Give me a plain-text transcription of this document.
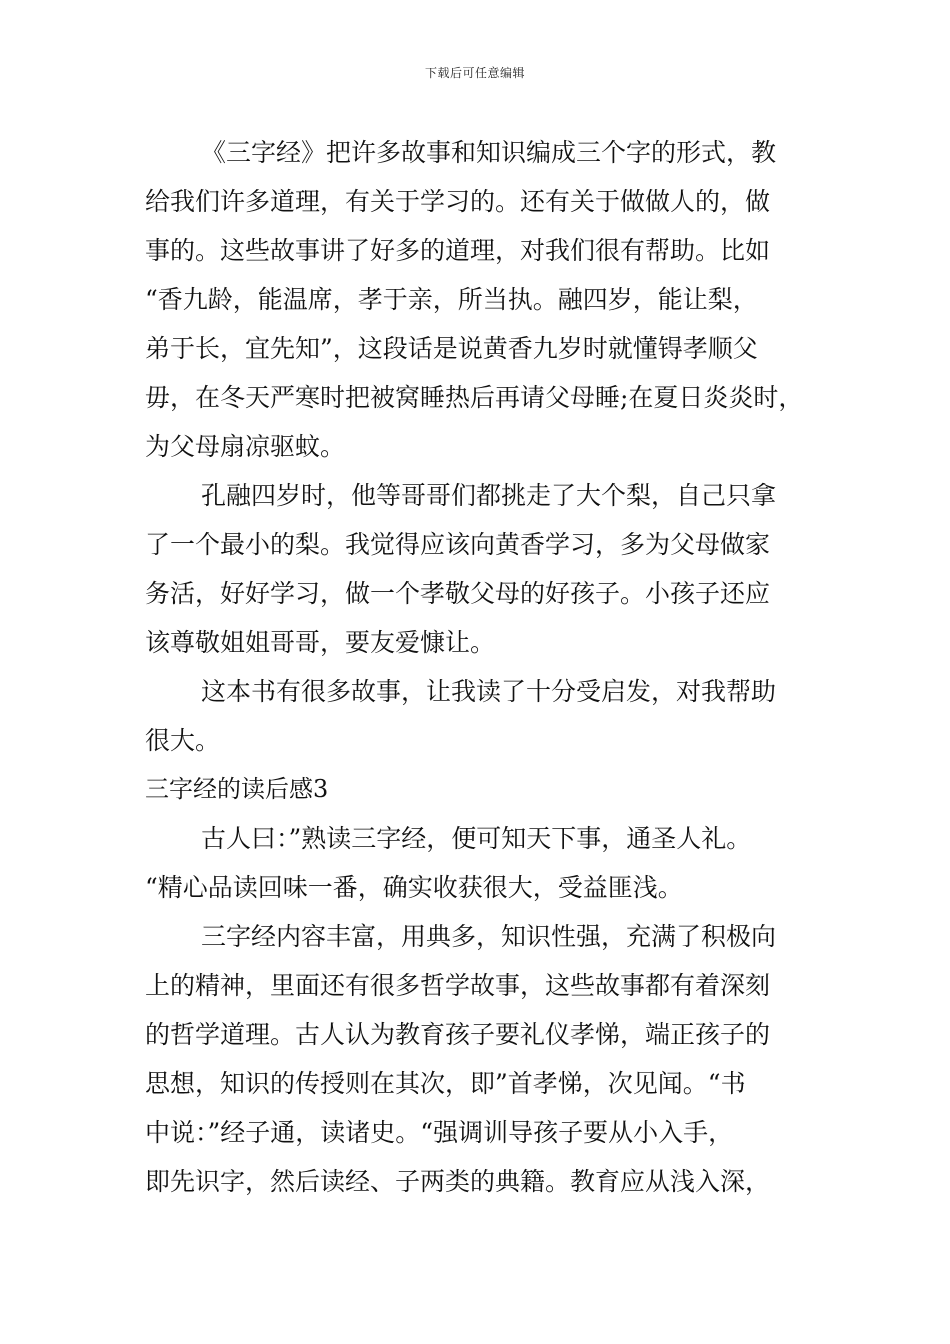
下载后可任意编辑
《三字经》把许多故事和知识编成三个字的形式，教
给我们许多道理，有关于学习的。还有关于做做人的，做
事的。这些故事讲了好多的道理，对我们很有帮助。比如
“香九龄，能温席，孝于亲，所当执。融四岁，能让梨，
弟于长，宜先知”，这段话是说黄香九岁时就懂锝孝顺父
毋，在冬天严寒时把被窝睡热后再请父母睡;在夏日炎炎时，
为父母扇凉驱蚊。
孔融四岁时，他等哥哥们都挑走了大个梨，自己只拿
了一个最小的梨。我觉得应该向黄香学习，多为父母做家
务活，好好学习，做一个孝敬父母的好孩子。小孩子还应
该尊敬姐姐哥哥，要友爱慷让。
这本书有很多故事，让我读了十分受启发，对我帮助
很大。
三字经的读后感3
古人曰：”熟读三字经，便可知天下事，通圣人礼。
“精心品读回味一番，确实收获很大，受益匪浅。
三字经内容丰富，用典多，知识性强，充满了积极向
上的精神，里面还有很多哲学故事，这些故事都有着深刻
的哲学道理。古人认为教育孩子要礼仪孝悌，端正孩子的
思想，知识的传授则在其次，即”首孝悌，次见闻。“书
中说：”经子通，读诸史。“强调训导孩子要从小入手，
即先识字，然后读经、子两类的典籍。教育应从浅入深，
